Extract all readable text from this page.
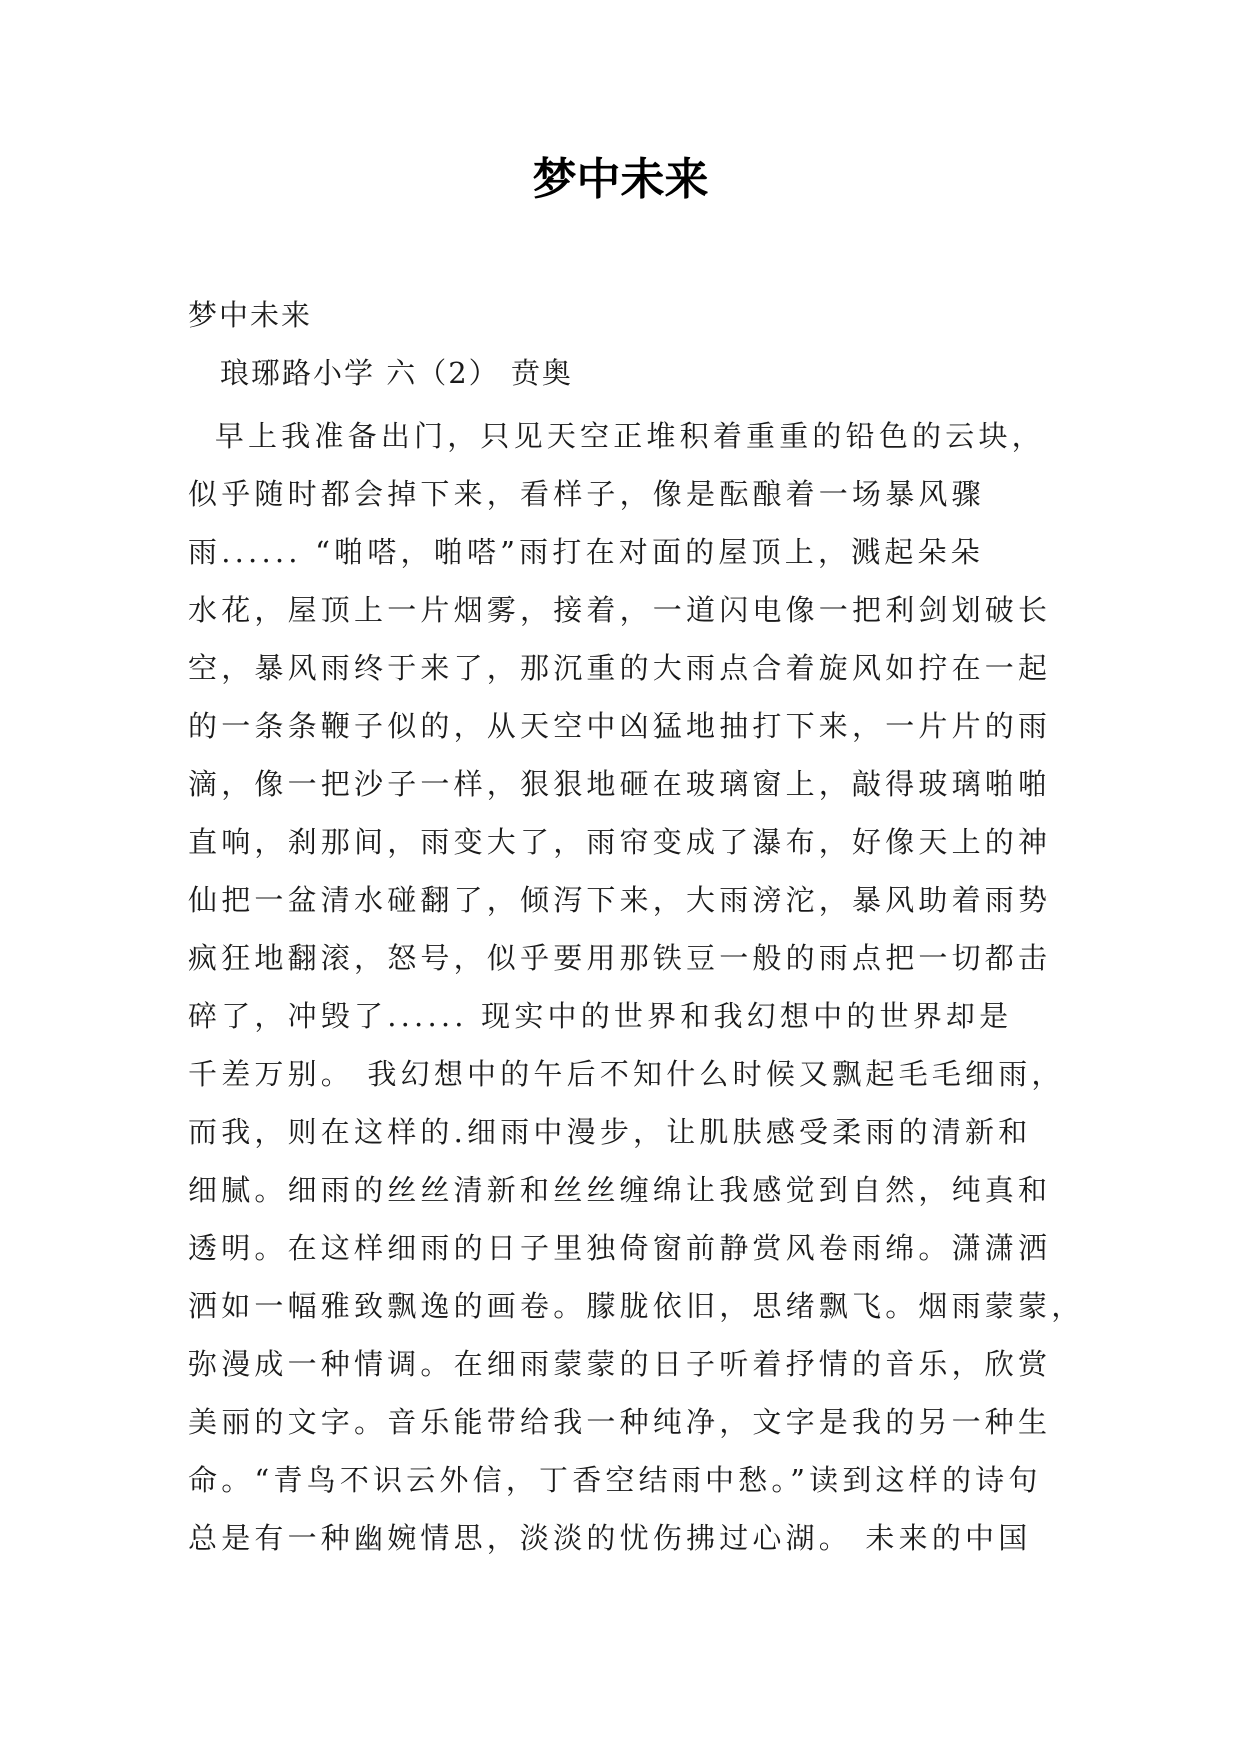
梦中未来

梦中未来

琅琊路小学 六（2） 贲奥

早上我准备出门，只见天空正堆积着重重的铅色的云块，
似乎随时都会掉下来，看样子，像是酝酿着一场暴风骤
雨...... “啪嗒，啪嗒”雨打在对面的屋顶上，溅起朵朵
水花，屋顶上一片烟雾，接着，一道闪电像一把利剑划破长
空，暴风雨终于来了，那沉重的大雨点合着旋风如拧在一起
的一条条鞭子似的，从天空中凶猛地抽打下来，一片片的雨
滴，像一把沙子一样，狠狠地砸在玻璃窗上，敲得玻璃啪啪
直响，刹那间，雨变大了，雨帘变成了瀑布，好像天上的神
仙把一盆清水碰翻了，倾泻下来，大雨滂沱，暴风助着雨势
疯狂地翻滚，怒号，似乎要用那铁豆一般的雨点把一切都击
碎了，冲毁了...... 现实中的世界和我幻想中的世界却是
千差万别。 我幻想中的午后不知什么时候又飘起毛毛细雨，
而我，则在这样的.细雨中漫步，让肌肤感受柔雨的清新和
细腻。细雨的丝丝清新和丝丝缠绵让我感觉到自然，纯真和
透明。在这样细雨的日子里独倚窗前静赏风卷雨绵。潇潇洒
洒如一幅雅致飘逸的画卷。朦胧依旧，思绪飘飞。烟雨蒙蒙，
弥漫成一种情调。在细雨蒙蒙的日子听着抒情的音乐，欣赏
美丽的文字。音乐能带给我一种纯净，文字是我的另一种生
命。“青鸟不识云外信，丁香空结雨中愁。”读到这样的诗句
总是有一种幽婉情思，淡淡的忧伤拂过心湖。 未来的中国
